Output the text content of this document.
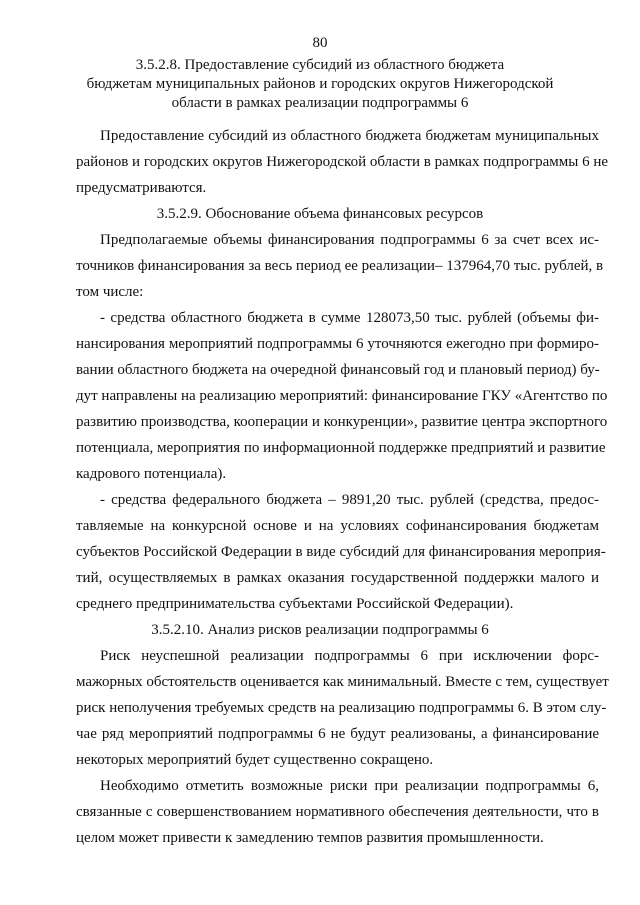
80
3.5.2.8. Предоставление субсидий из областного бюджета
бюджетам муниципальных районов и городских округов Нижегородской
области в рамках реализации подпрограммы 6
Предоставление субсидий из областного бюджета бюджетам муниципальных
районов и городских округов Нижегородской области в рамках подпрограммы 6 не
предусматриваются.
3.5.2.9. Обоснование объема финансовых ресурсов
Предполагаемые объемы финансирования подпрограммы 6 за счет всех ис-
точников финансирования за весь период ее реализации– 137964,70 тыс. рублей, в
том числе:
- средства областного бюджета в сумме 128073,50 тыс. рублей (объемы фи-
нансирования мероприятий подпрограммы 6 уточняются ежегодно при формиро-
вании областного бюджета на очередной финансовый год и плановый период) бу-
дут направлены на реализацию мероприятий: финансирование ГКУ «Агентство по
развитию производства, кооперации и конкуренции», развитие центра экспортного
потенциала, мероприятия по информационной поддержке предприятий и развитие
кадрового потенциала).
- средства федерального бюджета – 9891,20 тыс. рублей (средства, предос-
тавляемые на конкурсной основе и на условиях софинансирования бюджетам
субъектов Российской Федерации в виде субсидий для финансирования мероприя-
тий, осуществляемых в рамках оказания государственной поддержки малого и
среднего предпринимательства субъектами Российской Федерации).
3.5.2.10. Анализ рисков реализации подпрограммы 6
Риск неуспешной реализации подпрограммы 6 при исключении форс-
мажорных обстоятельств оценивается как минимальный. Вместе с тем, существует
риск неполучения требуемых средств на реализацию подпрограммы 6. В этом слу-
чае ряд мероприятий подпрограммы 6 не будут реализованы, а финансирование
некоторых мероприятий будет существенно сокращено.
Необходимо отметить возможные риски при реализации подпрограммы 6,
связанные с совершенствованием нормативного обеспечения деятельности, что в
целом может привести к замедлению темпов развития промышленности.
